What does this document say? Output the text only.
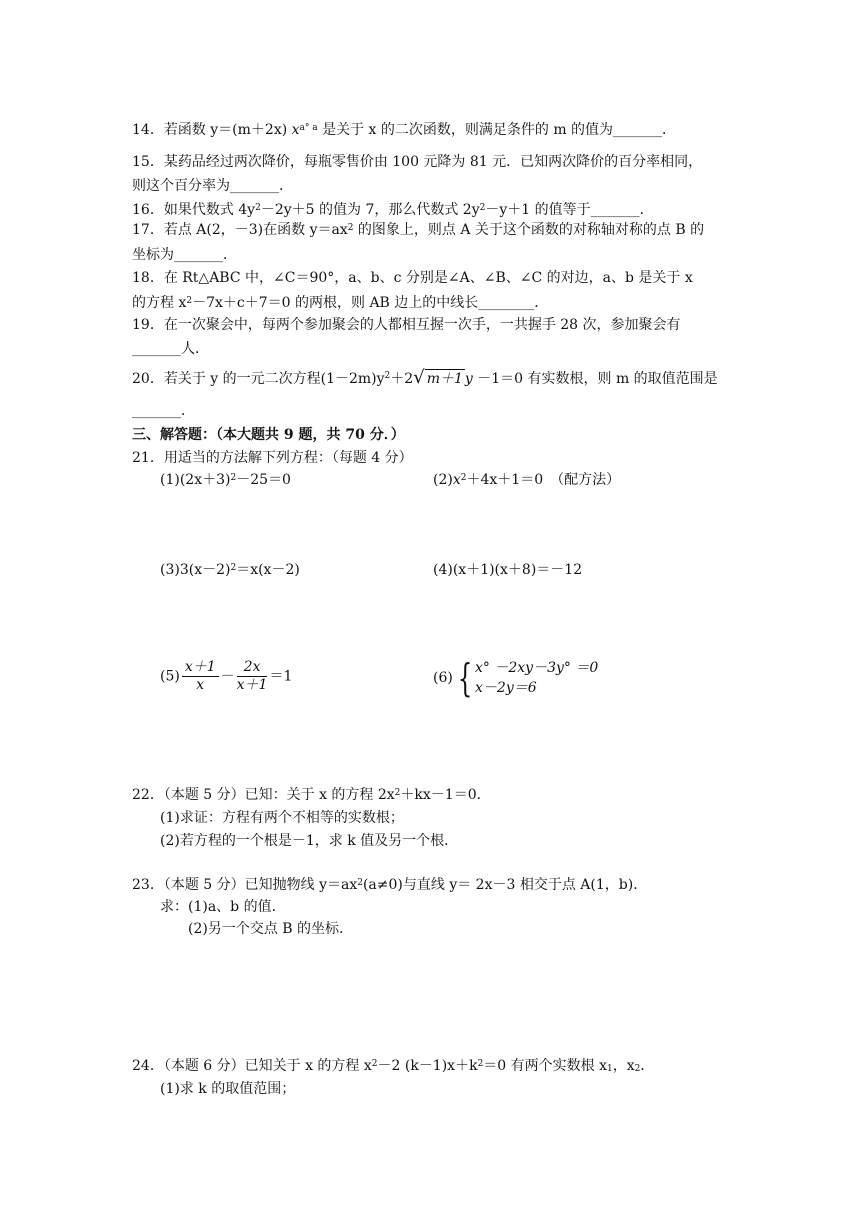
14．若函数 y＝(m＋2x) $x^{a^\circ a}$ 是关于 x 的二次函数，则满足条件的 m 的值为_______．
15．某药品经过两次降价，每瓶零售价由 100 元降为 81 元．已知两次降价的百分率相同，
则这个百分率为_______．
16．如果代数式 $4y^2-2y+5$ 的值为 7，那么代数式 $2y^2-y+1$ 的值等于_______．
17．若点 A(2，－3)在函数 $y=ax^2$ 的图象上，则点 A 关于这个函数的对称轴对称的点 B 的
坐标为_______．
18．在 Rt△ABC 中，∠C＝90°，a、b、c 分别是∠A、∠B、∠C 的对边，a、b 是关于 x
的方程 $x^2-7x+c+7=0$ 的两根，则 AB 边上的中线长________．
19．在一次聚会中，每两个参加聚会的人都相互握一次手，一共握手 28 次，参加聚会有
_______人．
20．若关于 y 的一元二次方程$(1-2m)y^2+2√$ m＋1 y －1＝0 有实数根，则 m 的取值范围是
_______．
三、解答题：（本大题共 9 题，共 70 分．）
21．用适当的方法解下列方程：（每题 4 分）
$(1)(2x+3)^2-25=0$	$(2)x^2+4x+1=0$　（配方法）
$(3)3(x-2)^2=x(x-2)$	(4)(x＋1)(x＋8)＝－12
$(5) \frac{x+1}{x} - \frac{2x}{x+1} =1$	(6) { x° －2xy－3y° ＝0
x－2y＝6
22．（本题 5 分）已知：关于 x 的方程 $2x^2+kx-1=0$．
(1)求证：方程有两个不相等的实数根；
(2)若方程的一个根是－1，求 k 值及另一个根．
23．（本题 5 分）已知抛物线 $y=ax^2(a\ne 0)$与直线 y＝ 2x－3 相交于点 A(1，b)．
求：(1)a、b 的值．
(2)另一个交点 B 的坐标．
24．（本题 6 分）已知关于 x 的方程 $x^2-2$ $(k-1)x+k^2=0$ 有两个实数根 $x_1$，$x_2$．
(1)求 k 的取值范围；
